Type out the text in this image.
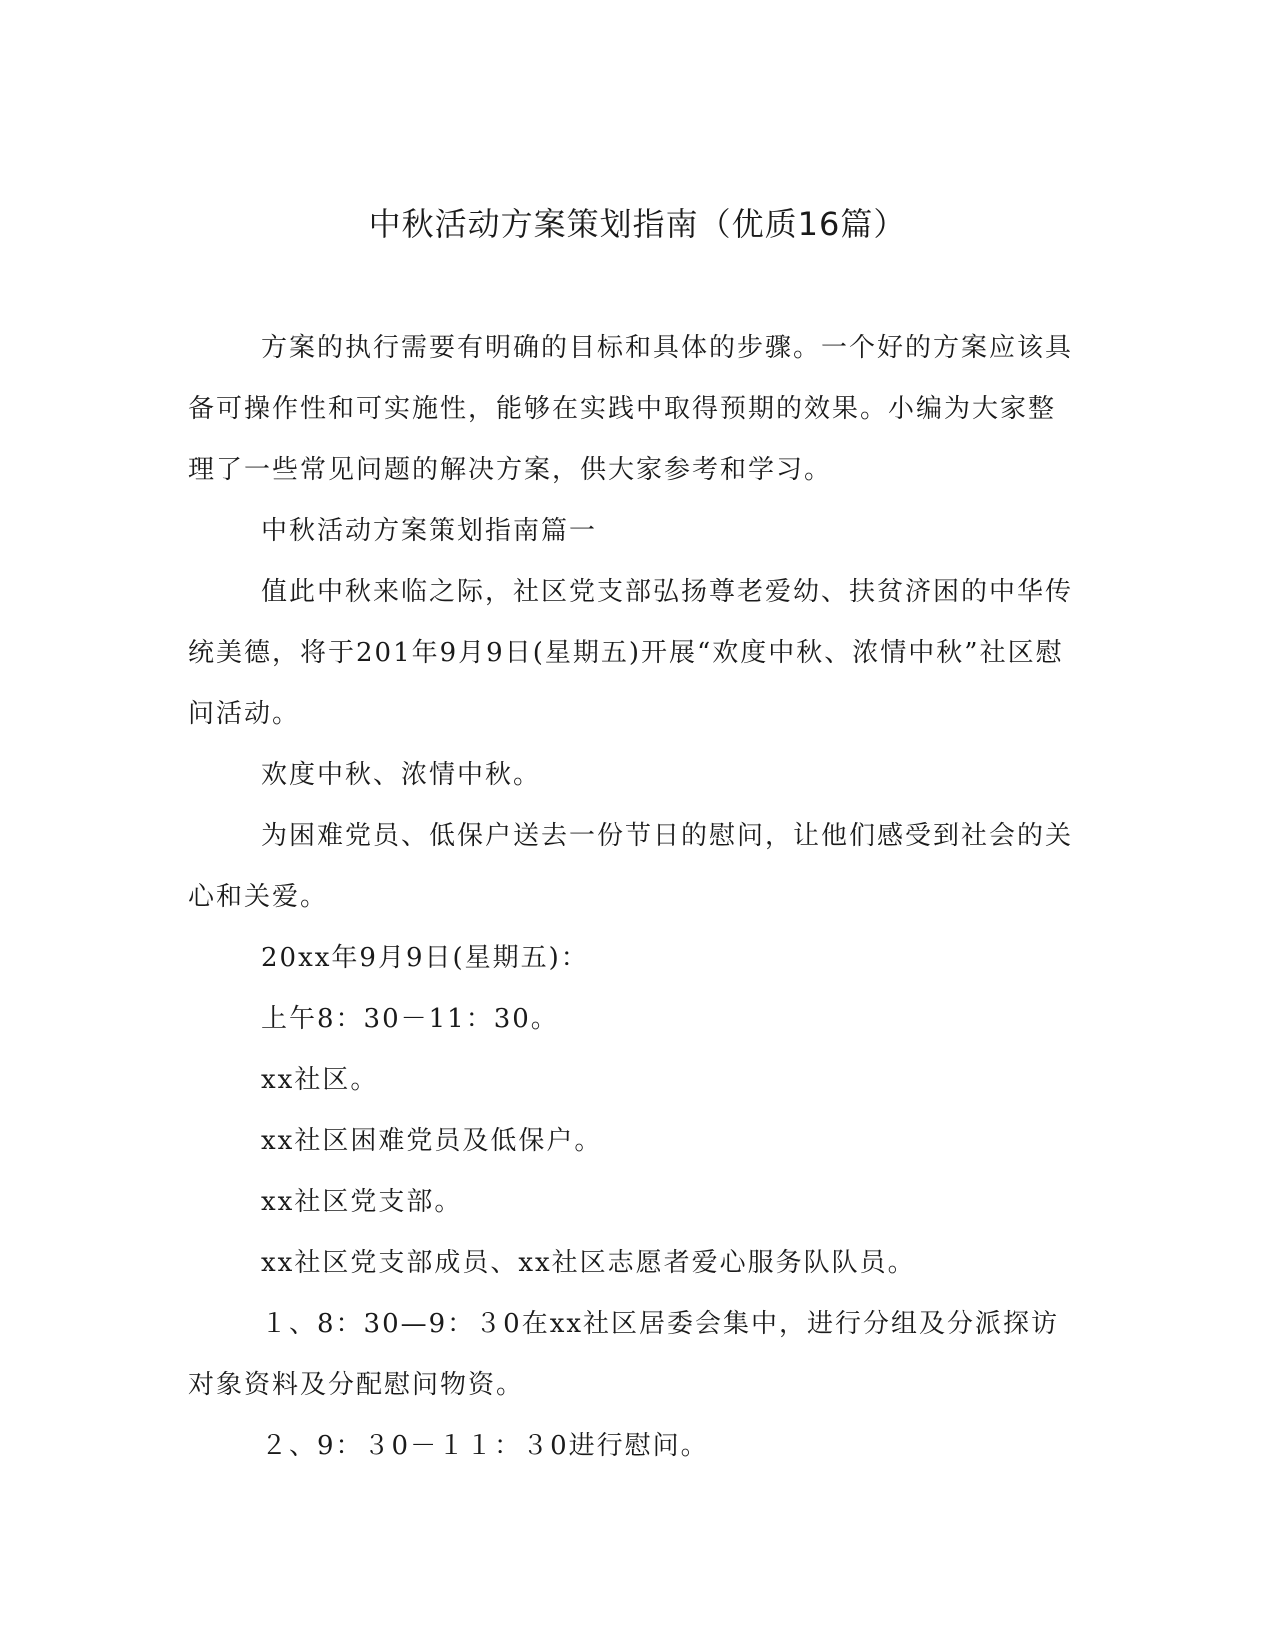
中秋活动方案策划指南（优质16篇）

方案的执行需要有明确的目标和具体的步骤。一个好的方案应该具备可操作性和可实施性，能够在实践中取得预期的效果。小编为大家整理了一些常见问题的解决方案，供大家参考和学习。

中秋活动方案策划指南篇一

值此中秋来临之际，社区党支部弘扬尊老爱幼、扶贫济困的中华传统美德，将于201年9月9日(星期五)开展“欢度中秋、浓情中秋”社区慰问活动。

欢度中秋、浓情中秋。

为困难党员、低保户送去一份节日的慰问，让他们感受到社会的关心和关爱。

20xx年9月9日(星期五)：

上午8：30－11：30。

xx社区。

xx社区困难党员及低保户。

xx社区党支部。

xx社区党支部成员、xx社区志愿者爱心服务队队员。

１、8：30—9：３0在xx社区居委会集中，进行分组及分派探访对象资料及分配慰问物资。

２、9：３0－１１：３0进行慰问。
